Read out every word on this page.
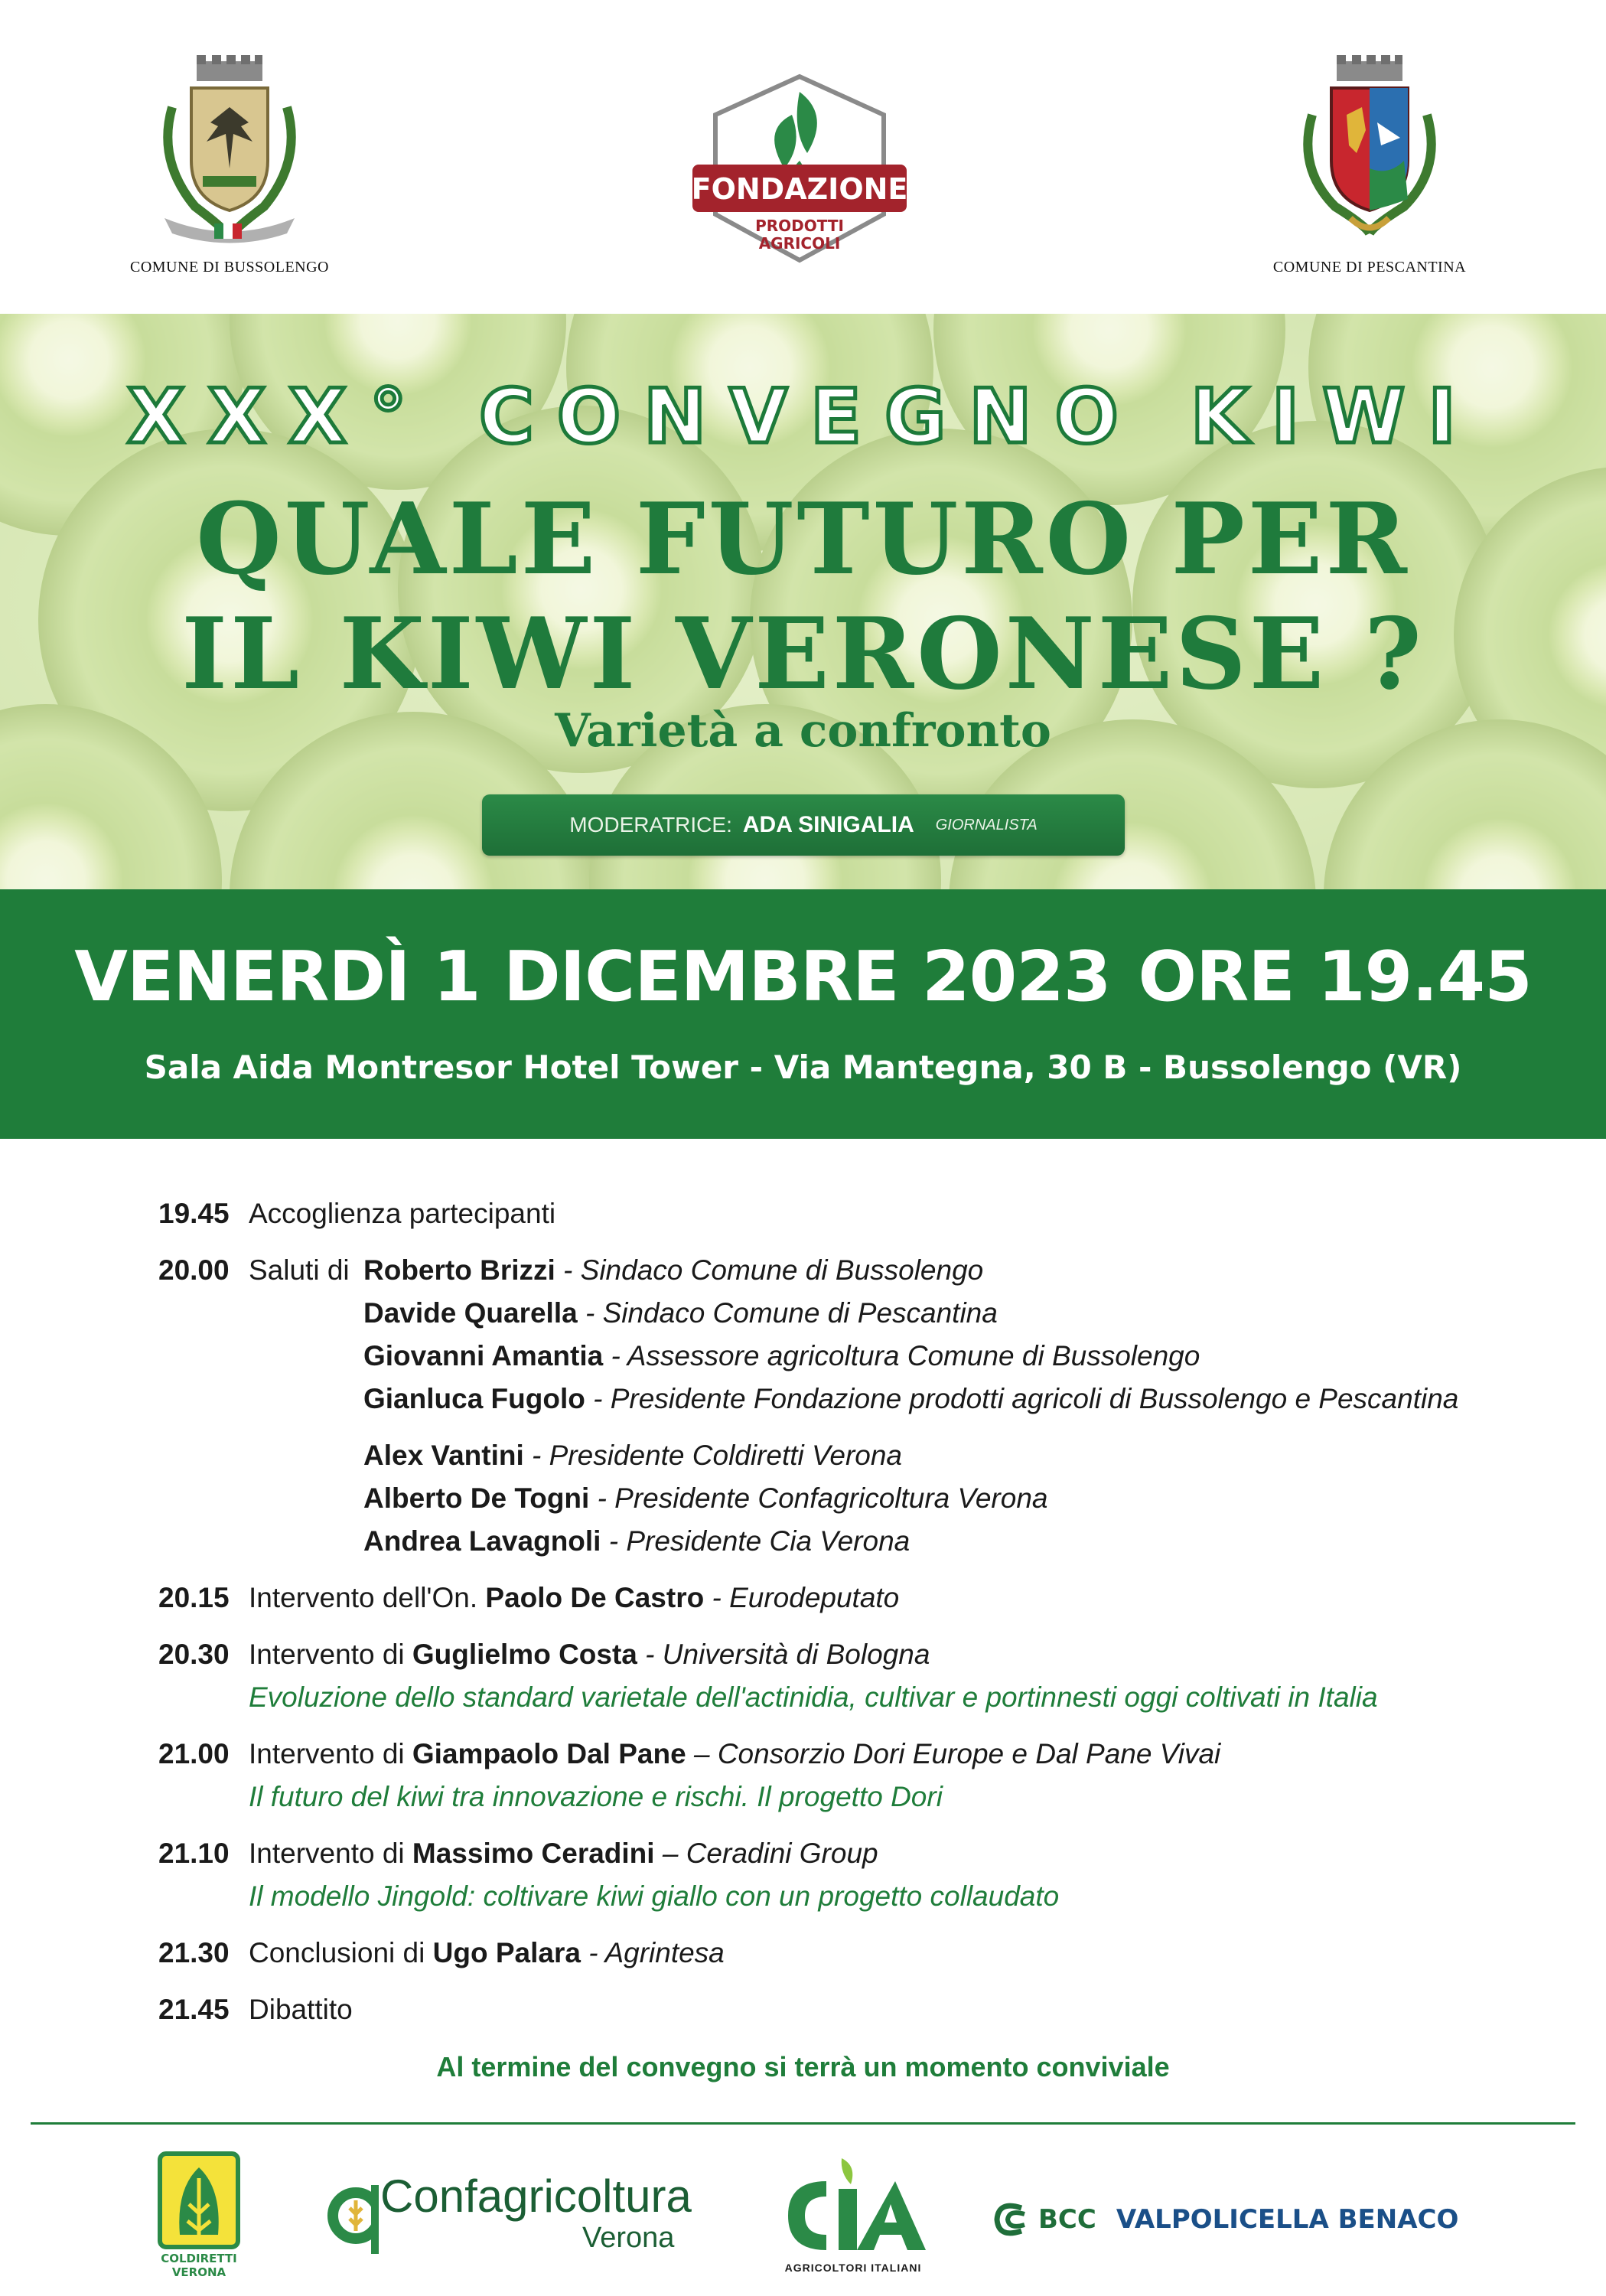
COMUNE DI BUSSOLENGO
FONDAZIONE
PRODOTTI
AGRICOLI
COMUNE DI PESCANTINA
XXX° CONVEGNO KIWI
QUALE FUTURO PER
IL KIWI VERONESE ?
Varietà a confronto
MODERATRICE: ADA SINIGALIA GIORNALISTA
VENERDÌ 1 DICEMBRE 2023 ORE 19.45
Sala Aida Montresor Hotel Tower - Via Mantegna, 30 B - Bussolengo (VR)
19.45 Accoglienza partecipanti
20.00 Saluti di Roberto Brizzi - Sindaco Comune di Bussolengo
Davide Quarella - Sindaco Comune di Pescantina
Giovanni Amantia - Assessore agricoltura Comune di Bussolengo
Gianluca Fugolo - Presidente Fondazione prodotti agricoli di Bussolengo e Pescantina
Alex Vantini - Presidente Coldiretti Verona
Alberto De Togni - Presidente Confagricoltura Verona
Andrea Lavagnoli - Presidente Cia Verona
20.15 Intervento dell'On. Paolo De Castro - Eurodeputato
20.30 Intervento di Guglielmo Costa - Università di Bologna
Evoluzione dello standard varietale dell'actinidia, cultivar e portinnesti oggi coltivati in Italia
21.00 Intervento di Giampaolo Dal Pane – Consorzio Dori Europe e Dal Pane Vivai
Il futuro del kiwi tra innovazione e rischi. Il progetto Dori
21.10 Intervento di Massimo Ceradini – Ceradini Group
Il modello Jingold: coltivare kiwi giallo con un progetto collaudato
21.30 Conclusioni di Ugo Palara - Agrintesa
21.45 Dibattito
Al termine del convegno si terrà un momento conviviale
COLDIRETTI
VERONA
Confagricoltura
Verona
AGRICOLTORI ITALIANI
BCC VALPOLICELLA BENACO
